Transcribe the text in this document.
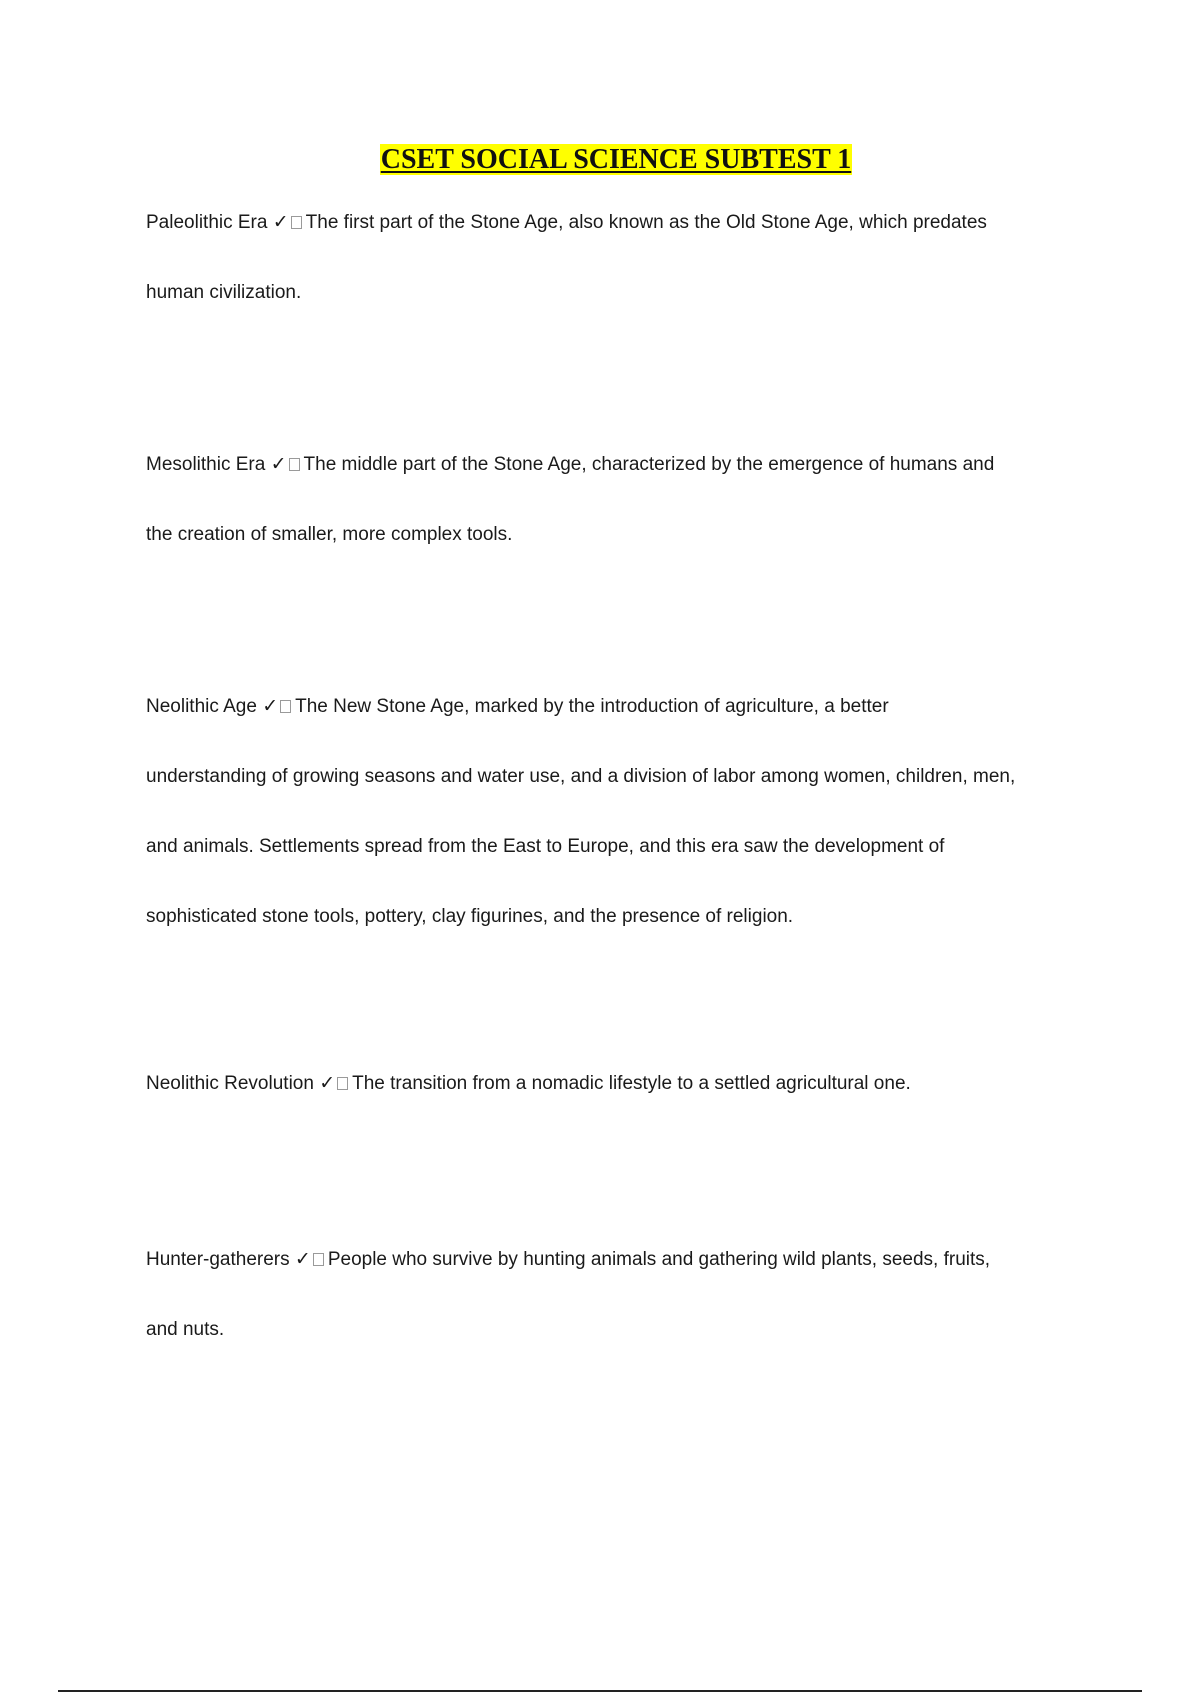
CSET SOCIAL SCIENCE SUBTEST 1

Paleolithic Era ✓ The first part of the Stone Age, also known as the Old Stone Age, which predates

human civilization.

Mesolithic Era ✓ The middle part of the Stone Age, characterized by the emergence of humans and

the creation of smaller, more complex tools.

Neolithic Age ✓ The New Stone Age, marked by the introduction of agriculture, a better

understanding of growing seasons and water use, and a division of labor among women, children, men,

and animals. Settlements spread from the East to Europe, and this era saw the development of

sophisticated stone tools, pottery, clay figurines, and the presence of religion.

Neolithic Revolution ✓ The transition from a nomadic lifestyle to a settled agricultural one.

Hunter-gatherers ✓ People who survive by hunting animals and gathering wild plants, seeds, fruits,

and nuts.
